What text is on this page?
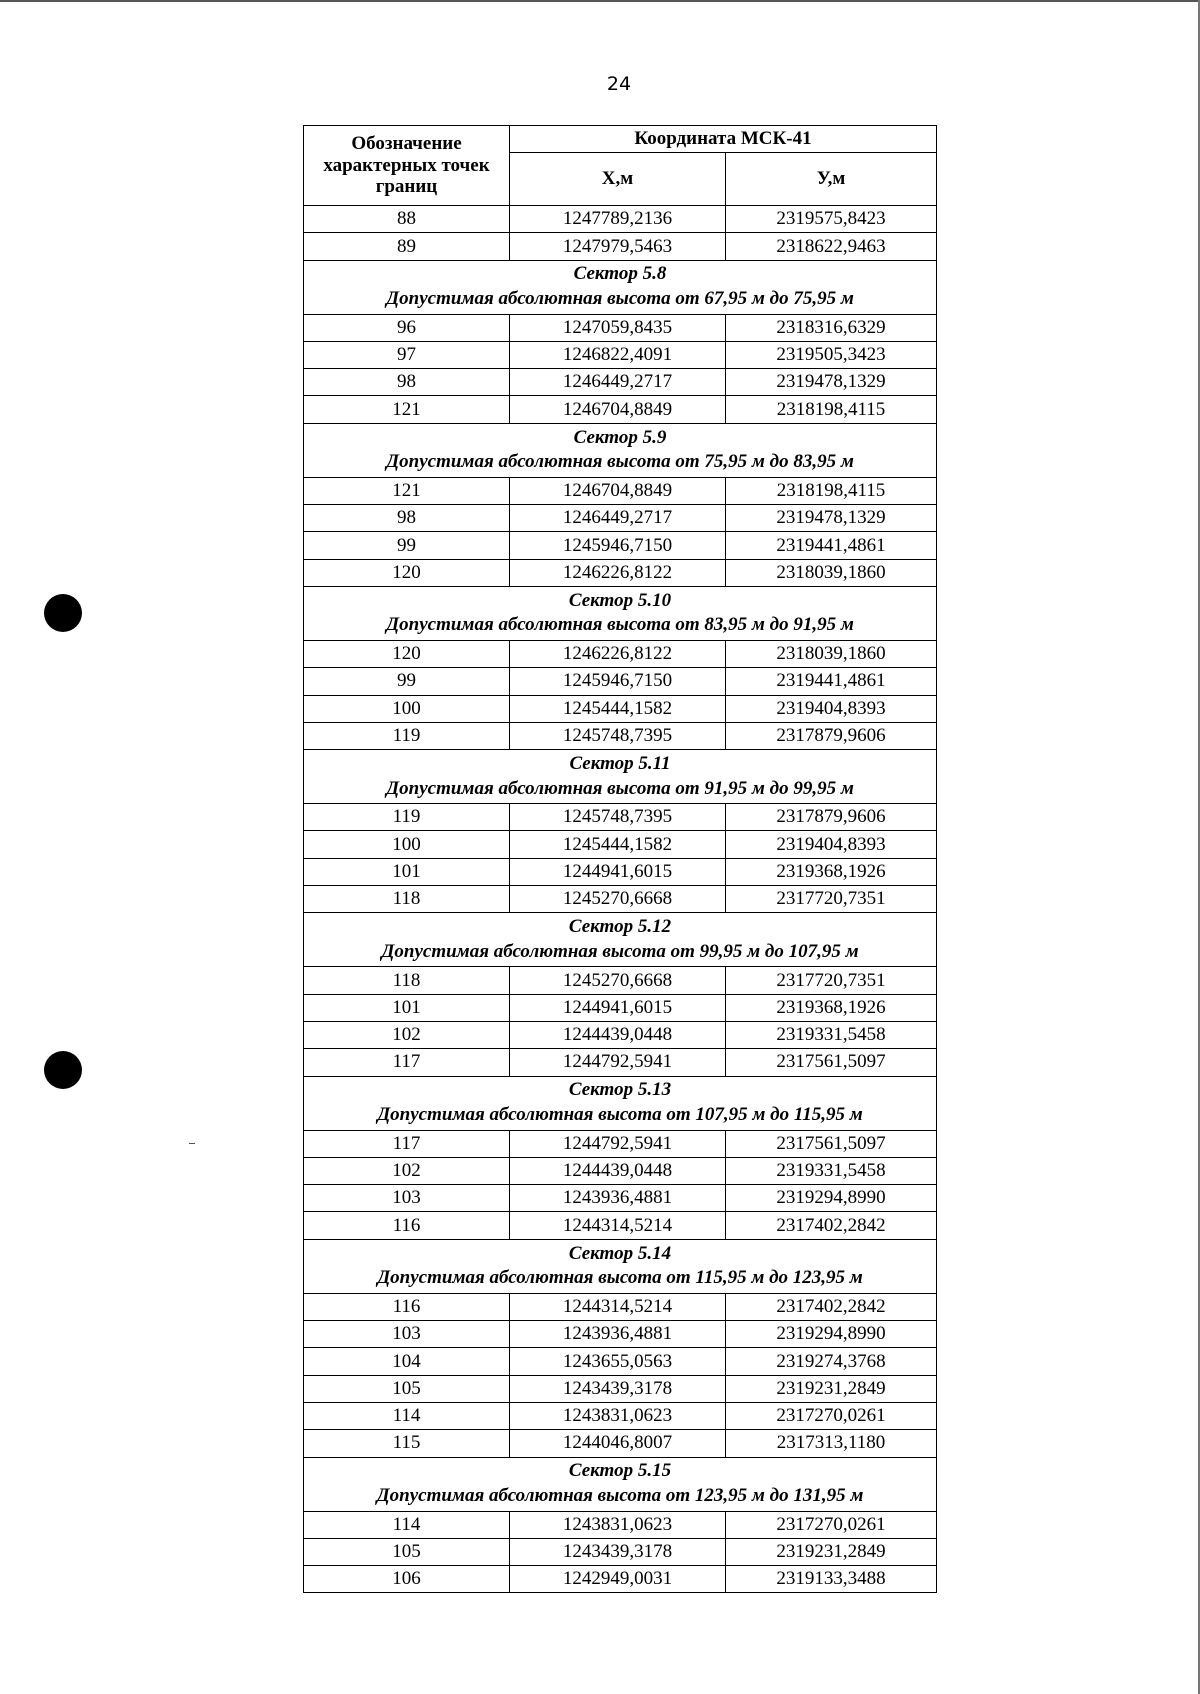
24
Обозначение характерных точек границ	Координата МСК-41	
	Х,м	У,м
88	1247789,2136	2319575,8423
89	1247979,5463	2318622,9463

Сектор 5.8
Допустимая абсолютная высота от 67,95 м до 75,95 м		

96	1247059,8435	2318316,6329
97	1246822,4091	2319505,3423
98	1246449,2717	2319478,1329
121	1246704,8849	2318198,4115

Сектор 5.9
Допустимая абсолютная высота от 75,95 м до 83,95 м		

121	1246704,8849	2318198,4115
98	1246449,2717	2319478,1329
99	1245946,7150	2319441,4861
120	1246226,8122	2318039,1860

Сектор 5.10
Допустимая абсолютная высота от 83,95 м до 91,95 м		

120	1246226,8122	2318039,1860
99	1245946,7150	2319441,4861
100	1245444,1582	2319404,8393
119	1245748,7395	2317879,9606

Сектор 5.11
Допустимая абсолютная высота от 91,95 м до 99,95 м		

119	1245748,7395	2317879,9606
100	1245444,1582	2319404,8393
101	1244941,6015	2319368,1926
118	1245270,6668	2317720,7351

Сектор 5.12
Допустимая абсолютная высота от 99,95 м до 107,95 м		

118	1245270,6668	2317720,7351
101	1244941,6015	2319368,1926
102	1244439,0448	2319331,5458
117	1244792,5941	2317561,5097

Сектор 5.13
Допустимая абсолютная высота от 107,95 м до 115,95 м		

117	1244792,5941	2317561,5097
102	1244439,0448	2319331,5458
103	1243936,4881	2319294,8990
116	1244314,5214	2317402,2842

Сектор 5.14
Допустимая абсолютная высота от 115,95 м до 123,95 м		

116	1244314,5214	2317402,2842
103	1243936,4881	2319294,8990
104	1243655,0563	2319274,3768
105	1243439,3178	2319231,2849
114	1243831,0623	2317270,0261
115	1244046,8007	2317313,1180

Сектор 5.15
Допустимая абсолютная высота от 123,95 м до 131,95 м		

114	1243831,0623	2317270,0261
105	1243439,3178	2319231,2849
106	1242949,0031	2319133,3488
